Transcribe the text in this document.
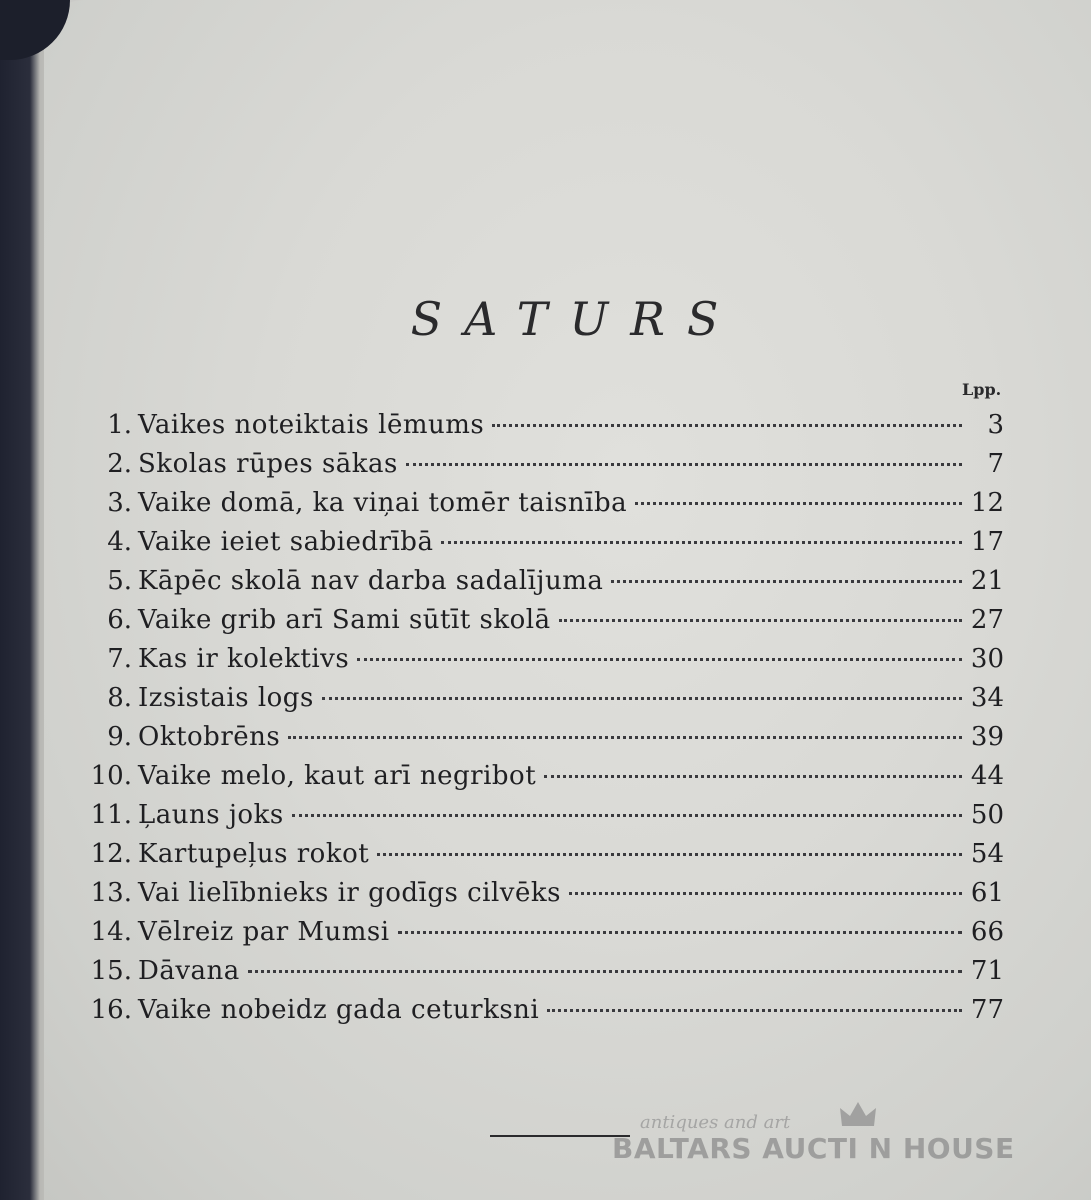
SATURS
Lpp.
1. Vaikes noteiktais lēmums	3
2. Skolas rūpes sākas	7
3. Vaike domā, ka viņai tomēr taisnība	12
4. Vaike ieiet sabiedrībā	17
5. Kāpēc skolā nav darba sadalījuma	21
6. Vaike grib arī Sami sūtīt skolā	27
7. Kas ir kolektivs	30
8. Izsistais logs	34
9. Oktobrēns	39
10. Vaike melo, kaut arī negribot	44
11. Ļauns joks	50
12. Kartupeļus rokot	54
13. Vai lielībnieks ir godīgs cilvēks	61
14. Vēlreiz par Mumsi	66
15. Dāvana	71
16. Vaike nobeidz gada ceturksni	77
antiques and art
BALTARS AUCTI N HOUSE
